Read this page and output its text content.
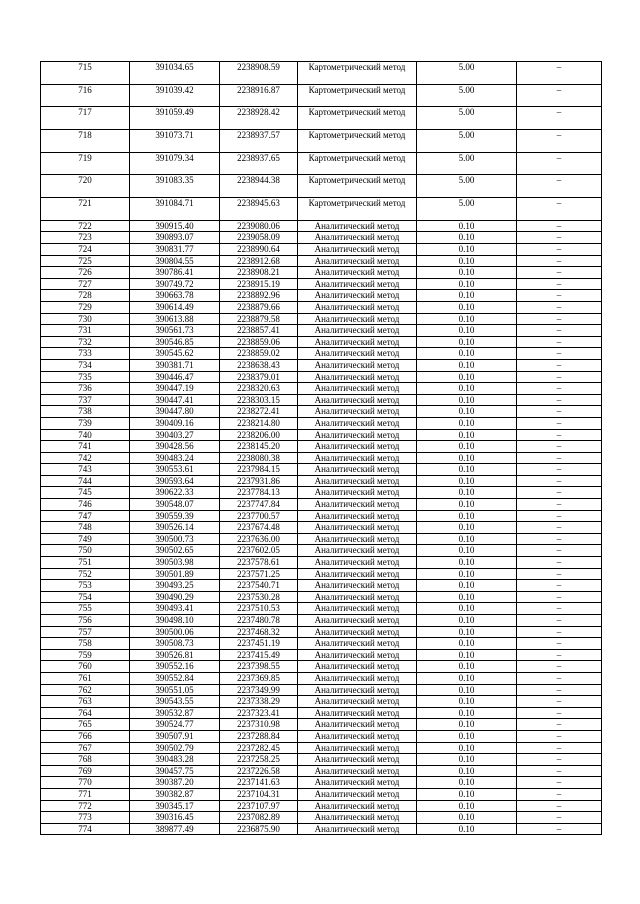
715	391034.65	2238908.59	Картометрический метод	5.00	–
716	391039.42	2238916.87	Картометрический метод	5.00	–
717	391059.49	2238928.42	Картометрический метод	5.00	–
718	391073.71	2238937.57	Картометрический метод	5.00	–
719	391079.34	2238937.65	Картометрический метод	5.00	–
720	391083.35	2238944.38	Картометрический метод	5.00	–
721	391084.71	2238945.63	Картометрический метод	5.00	–
722	390915.40	2239080.06	Аналитический метод	0.10	–
723	390893.07	2239058.09	Аналитический метод	0.10	–
724	390831.77	2238990.64	Аналитический метод	0.10	–
725	390804.55	2238912.68	Аналитический метод	0.10	–
726	390786.41	2238908.21	Аналитический метод	0.10	–
727	390749.72	2238915.19	Аналитический метод	0.10	–
728	390663.78	2238892.96	Аналитический метод	0.10	–
729	390614.49	2238879.66	Аналитический метод	0.10	–
730	390613.88	2238879.58	Аналитический метод	0.10	–
731	390561.73	2238857.41	Аналитический метод	0.10	–
732	390546.85	2238859.06	Аналитический метод	0.10	–
733	390545.62	2238859.02	Аналитический метод	0.10	–
734	390381.71	2238638.43	Аналитический метод	0.10	–
735	390446.47	2238379.01	Аналитический метод	0.10	–
736	390447.19	2238320.63	Аналитический метод	0.10	–
737	390447.41	2238303.15	Аналитический метод	0.10	–
738	390447.80	2238272.41	Аналитический метод	0.10	–
739	390409.16	2238214.80	Аналитический метод	0.10	–
740	390403.27	2238206.00	Аналитический метод	0.10	–
741	390428.56	2238145.20	Аналитический метод	0.10	–
742	390483.24	2238080.38	Аналитический метод	0.10	–
743	390553.61	2237984.15	Аналитический метод	0.10	–
744	390593.64	2237931.86	Аналитический метод	0.10	–
745	390622.33	2237784.13	Аналитический метод	0.10	–
746	390548.07	2237747.84	Аналитический метод	0.10	–
747	390559.39	2237700.57	Аналитический метод	0.10	–
748	390526.14	2237674.48	Аналитический метод	0.10	–
749	390500.73	2237636.00	Аналитический метод	0.10	–
750	390502.65	2237602.05	Аналитический метод	0.10	–
751	390503.98	2237578.61	Аналитический метод	0.10	–
752	390501.89	2237571.25	Аналитический метод	0.10	–
753	390493.25	2237540.71	Аналитический метод	0.10	–
754	390490.29	2237530.28	Аналитический метод	0.10	–
755	390493.41	2237510.53	Аналитический метод	0.10	–
756	390498.10	2237480.78	Аналитический метод	0.10	–
757	390500.06	2237468.32	Аналитический метод	0.10	–
758	390508.73	2237451.19	Аналитический метод	0.10	–
759	390526.81	2237415.49	Аналитический метод	0.10	–
760	390552.16	2237398.55	Аналитический метод	0.10	–
761	390552.84	2237369.85	Аналитический метод	0.10	–
762	390551.05	2237349.99	Аналитический метод	0.10	–
763	390543.55	2237338.29	Аналитический метод	0.10	–
764	390532.87	2237323.41	Аналитический метод	0.10	–
765	390524.77	2237310.98	Аналитический метод	0.10	–
766	390507.91	2237288.84	Аналитический метод	0.10	–
767	390502.79	2237282.45	Аналитический метод	0.10	–
768	390483.28	2237258.25	Аналитический метод	0.10	–
769	390457.75	2237226.58	Аналитический метод	0.10	–
770	390387.20	2237141.63	Аналитический метод	0.10	–
771	390382.87	2237104.31	Аналитический метод	0.10	–
772	390345.17	2237107.97	Аналитический метод	0.10	–
773	390316.45	2237082.89	Аналитический метод	0.10	–
774	389877.49	2236875.90	Аналитический метод	0.10	–
